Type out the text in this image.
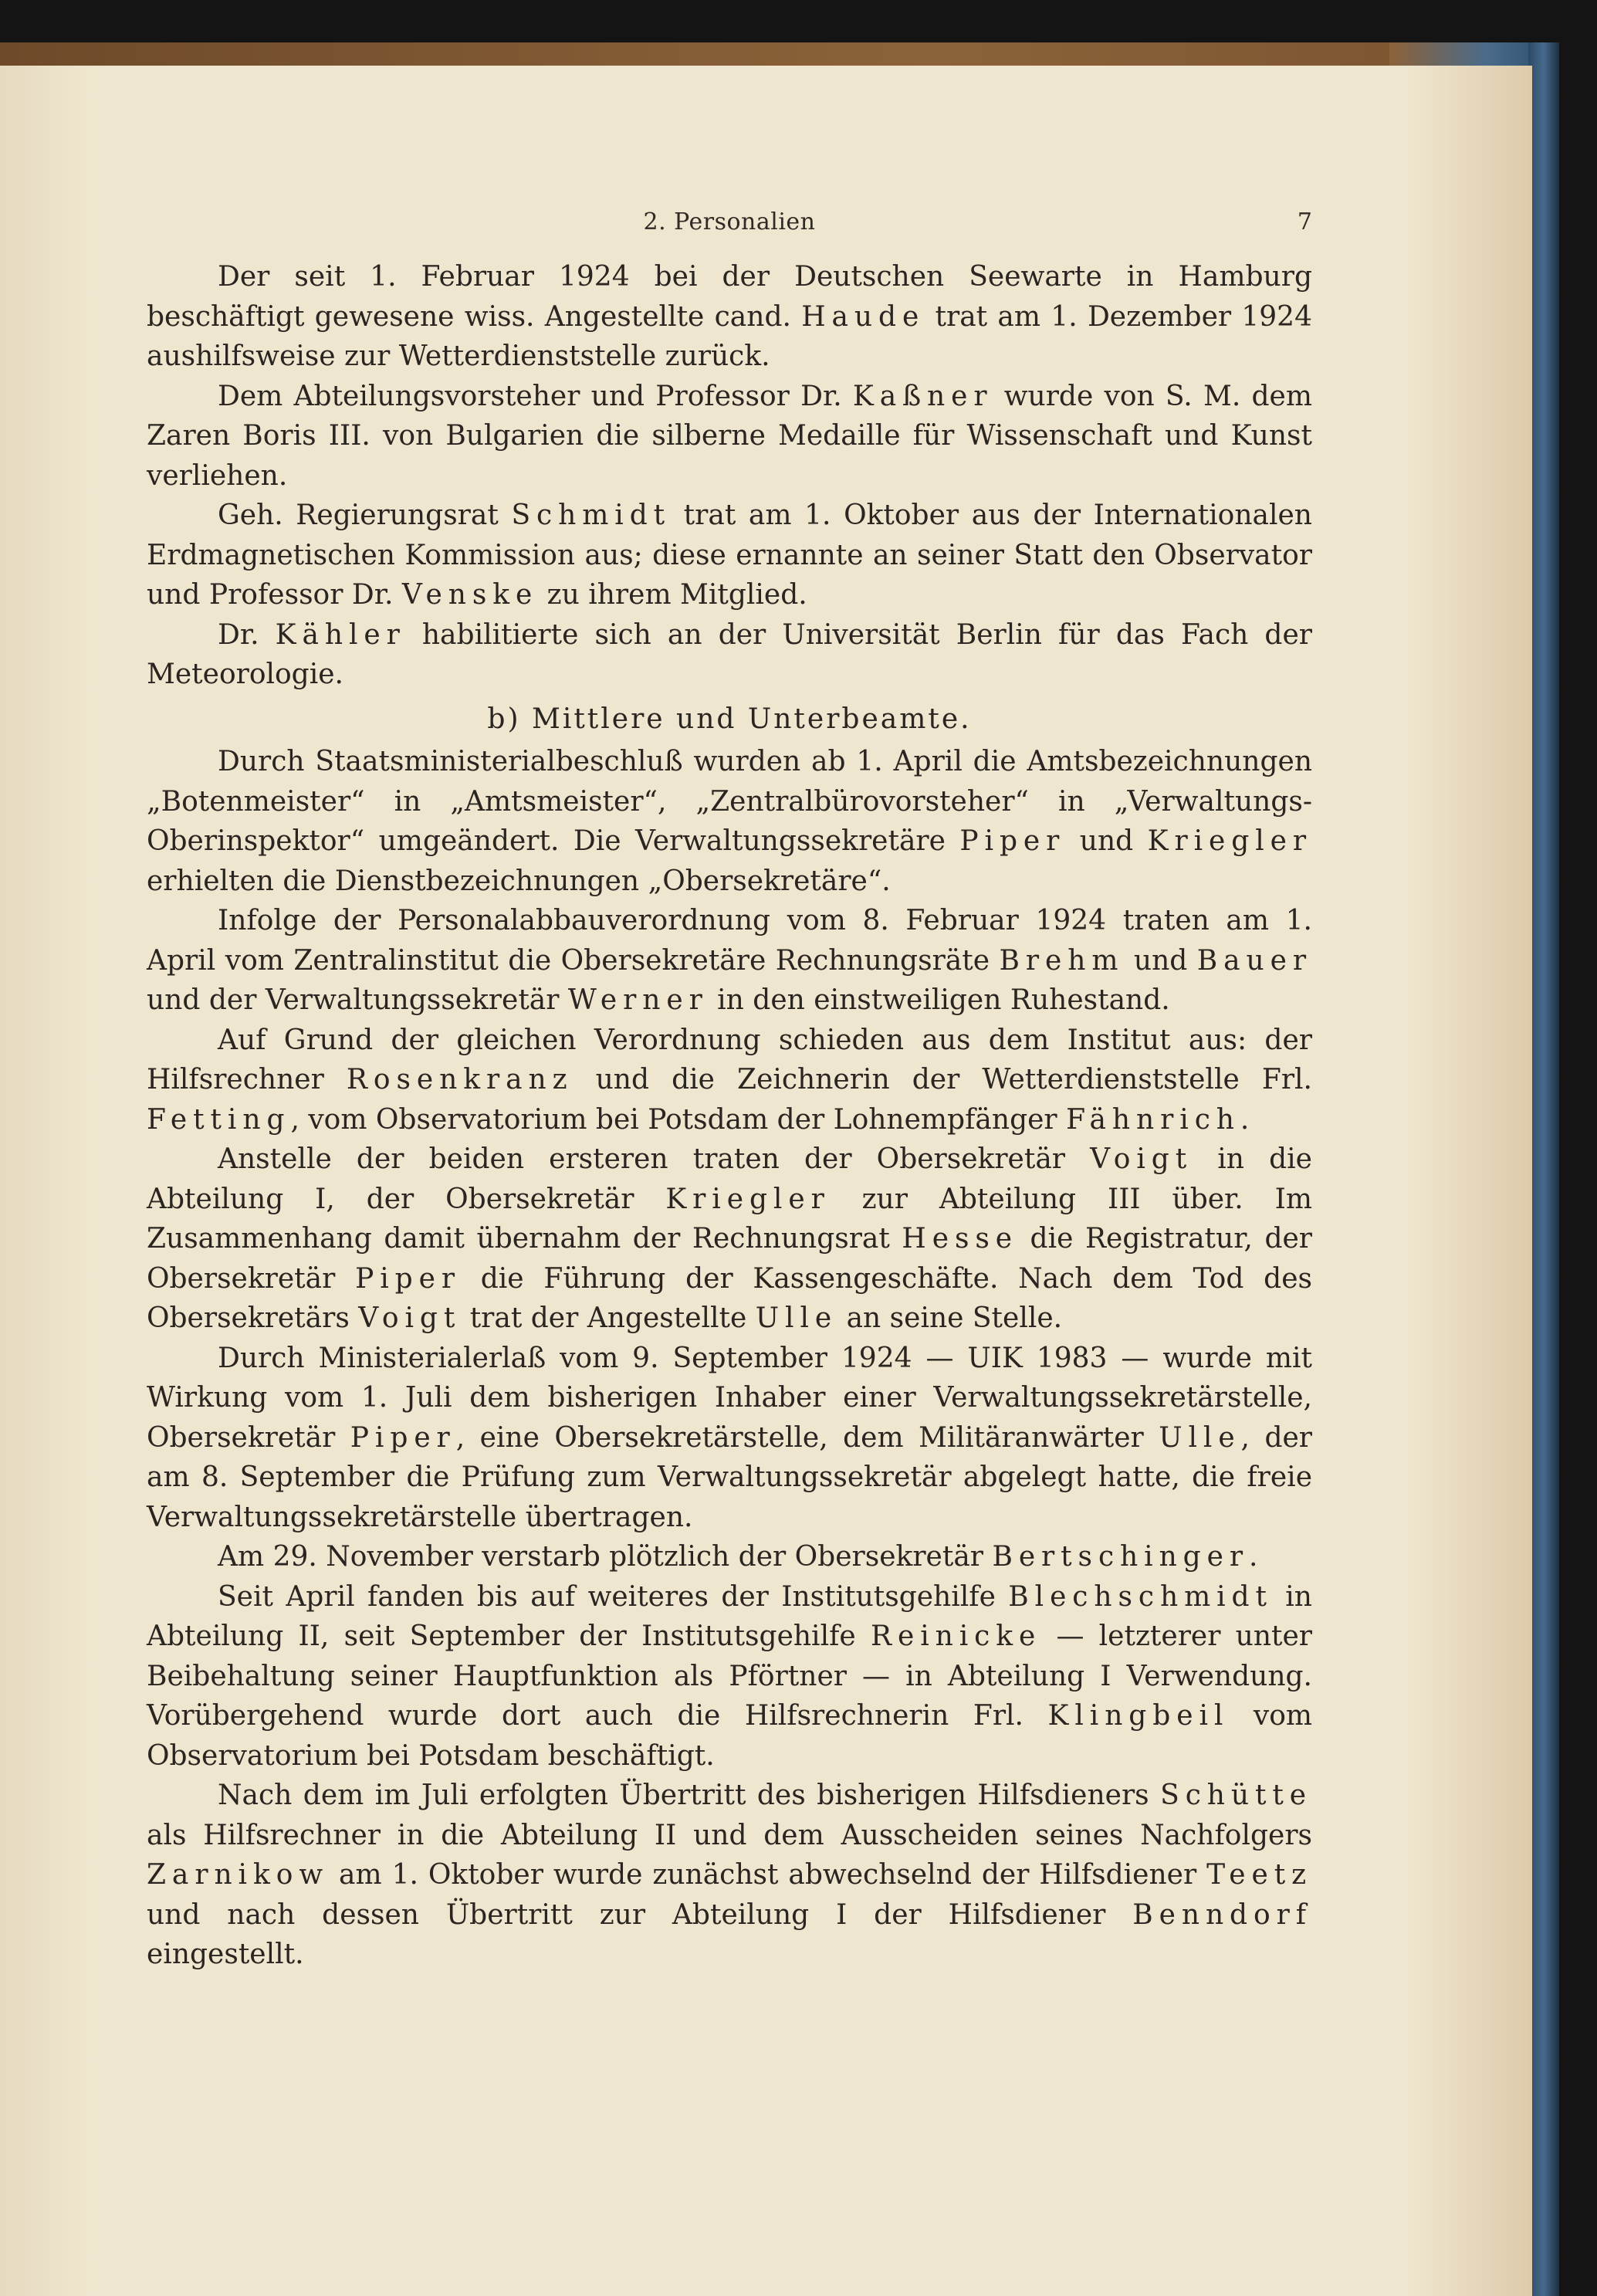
2. Personalien	7

Der seit 1. Februar 1924 bei der Deutschen Seewarte in Hamburg beschäftigt gewesene wiss. Angestellte cand. Haude trat am 1. Dezember 1924 aushilfsweise zur Wetterdienststelle zurück.

Dem Abteilungsvorsteher und Professor Dr. Kaßner wurde von S. M. dem Zaren Boris III. von Bulgarien die silberne Medaille für Wissenschaft und Kunst verliehen.

Geh. Regierungsrat Schmidt trat am 1. Oktober aus der Internationalen Erdmagnetischen Kommission aus; diese ernannte an seiner Statt den Observator und Professor Dr. Venske zu ihrem Mitglied.

Dr. Kähler habilitierte sich an der Universität Berlin für das Fach der Meteorologie.

b) Mittlere und Unterbeamte.

Durch Staatsministerialbeschluß wurden ab 1. April die Amtsbezeichnungen „Botenmeister“ in „Amtsmeister“, „Zentralbürovorsteher“ in „Verwaltungs-Oberinspektor“ umgeändert. Die Verwaltungssekretäre Piper und Kriegler erhielten die Dienstbezeichnungen „Obersekretäre“.

Infolge der Personalabbauverordnung vom 8. Februar 1924 traten am 1. April vom Zentralinstitut die Obersekretäre Rechnungsräte Brehm und Bauer und der Verwaltungssekretär Werner in den einstweiligen Ruhestand.

Auf Grund der gleichen Verordnung schieden aus dem Institut aus: der Hilfsrechner Rosenkranz und die Zeichnerin der Wetterdienststelle Frl. Fetting, vom Observatorium bei Potsdam der Lohnempfänger Fähnrich.

Anstelle der beiden ersteren traten der Obersekretär Voigt in die Abteilung I, der Obersekretär Kriegler zur Abteilung III über. Im Zusammenhang damit übernahm der Rechnungsrat Hesse die Registratur, der Obersekretär Piper die Führung der Kassengeschäfte. Nach dem Tod des Obersekretärs Voigt trat der Angestellte Ulle an seine Stelle.

Durch Ministerialerlaß vom 9. September 1924 — UIK 1983 — wurde mit Wirkung vom 1. Juli dem bisherigen Inhaber einer Verwaltungssekretärstelle, Obersekretär Piper, eine Obersekretärstelle, dem Militäranwärter Ulle, der am 8. September die Prüfung zum Verwaltungssekretär abgelegt hatte, die freie Verwaltungssekretärstelle übertragen.

Am 29. November verstarb plötzlich der Obersekretär Bertschinger.

Seit April fanden bis auf weiteres der Institutsgehilfe Blechschmidt in Abteilung II, seit September der Institutsgehilfe Reinicke — letzterer unter Beibehaltung seiner Hauptfunktion als Pförtner — in Abteilung I Verwendung. Vorübergehend wurde dort auch die Hilfsrechnerin Frl. Klingbeil vom Observatorium bei Potsdam beschäftigt.

Nach dem im Juli erfolgten Übertritt des bisherigen Hilfsdieners Schütte als Hilfsrechner in die Abteilung II und dem Ausscheiden seines Nachfolgers Zarnikow am 1. Oktober wurde zunächst abwechselnd der Hilfsdiener Teetz und nach dessen Übertritt zur Abteilung I der Hilfsdiener Benndorf eingestellt.
